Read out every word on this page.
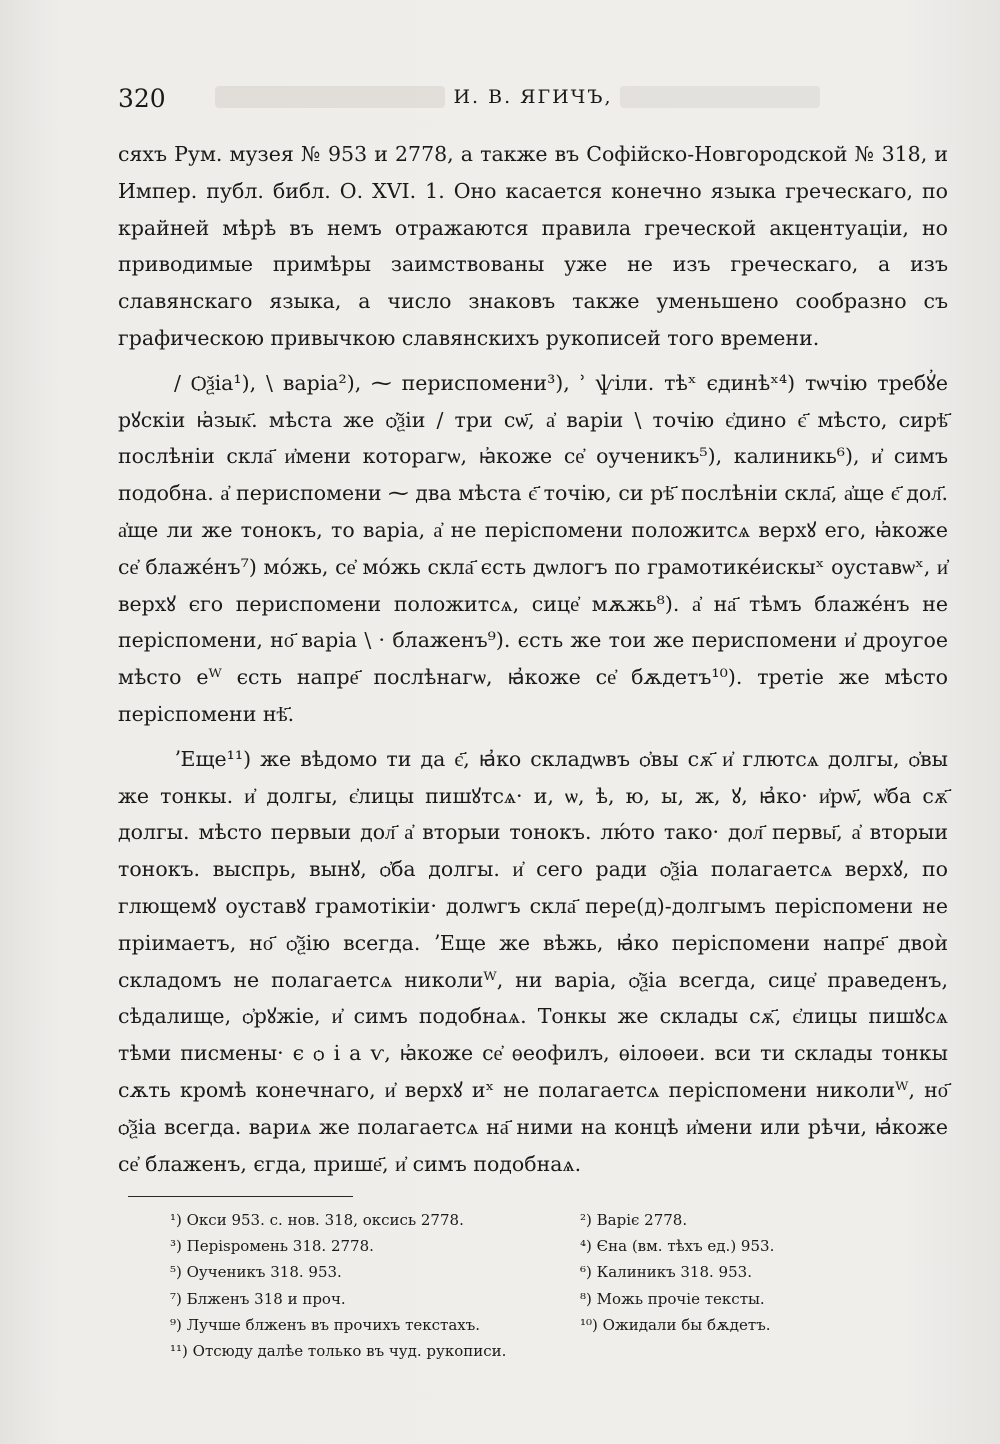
320	И. В. ЯГИЧЪ,

сяхъ Рум. музея № 953 и 2778, а также въ Софійско-Новгородской № 318, и Импер. публ. библ. О. XVI. 1. Оно касается конечно языка греческаго, по крайней мѣрѣ въ немъ отражаются правила греческой акцентуаціи, но приводимые примѣры заимствованы уже не изъ греческаго, а изъ славянскаго языка, а число знаковъ также уменьшено сообразно съ графическою привычкою славянскихъ рукописей того времени.

/ Ѻѯіа¹), \ варіа²), ⁓ периспомени³), ʾ ѱіли. тѣˣ єдинѣˣ⁴) тѡчію требꙋ҆е рꙋскіи ꙗ҆зык҃. мѣста же ѻ҆ѯіи / три сѡ҃, а҆ варіи \ точію є҆дино є҃ мѣсто, сирѣ҃ послѣніи скла҃ и҆мени которагѡ, ꙗ҆коже се҆ оученикъ⁵), калиникь⁶), и҆ симъ подобна. а҆ периспомени ⁓ два мѣста є҃ точію, си рѣ҃ послѣніи скла҃, а҆ще є҃ дол҃. а҆ще ли же тонокъ, то варіа, а҆ не періспомени положитсѧ верхꙋ его, ꙗ҆коже се҆ блаже́нъ⁷) мо́жь, се҆ мо́жь скла҃ єсть дѡлогъ по грамотике́искыˣ оуставѡˣ, и҆ верхꙋ єго периспомени положитсѧ, сице҆ мѫжь⁸). а҆ на҃ тѣмъ блаже́нъ не періспомени, но҃ варіа \ · блаженъ⁹). єсть же тои же периспомени и҆ дроугое мѣсто еᵂ єсть напре҃ послѣнагѡ, ꙗ҆коже се҆ бѫдетъ¹⁰). третіе же мѣсто періспомени нѣ҃.

ʼЕще¹¹) же вѣдомо ти да є҃, ꙗ҆ко складѡвъ ѻ҆вы сѫ҃ и҆ глютсѧ долгы, ѻ҆вы же тонкы. и҆ долгы, є҆лицы пишꙋтсѧ· и, ѡ, ѣ, ю, ы, ж, ꙋ, ꙗ҆ко· и҆рѡ҃, ѡ҆ба сѫ҃ долгы. мѣсто первыи дол҃ а҆ вторыи тонокъ. лю́то тако· дол҃ первы҃, а҆ вторыи тонокъ. выспрь, вынꙋ, ѻ҆ба долгы. и҆ сего ради ѻ҆ѯіа полагаетсѧ верхꙋ, по глющемꙋ оуставꙋ грамотікіи· долѡгъ скла҃ пере(д)-долгымъ періспомени не пріимаетъ, но҃ ѻ҆ѯію всегда. ʼЕще же вѣжь, ꙗ҆ко періспомени напре҃ двоѝ складомъ не полагаетсѧ николиᵂ, ни варіа, ѻ҆ѯіа всегда, сице҆ праведенъ, сѣдалище, ѻ҆рꙋжіе, и҆ симъ подобнаѧ. Тонкы же склады сѫ҃, є҆лицы пишꙋсѧ тѣми писмены· є ѻ і а ѵ, ꙗ҆коже се҆ ѳеофилъ, ѳілоѳеи. вси ти склады тонкы сѫть кромѣ конечнаго, и҆ верхꙋ иˣ не полагаетсѧ періспомени николиᵂ, но҃ ѻ҆ѯіа всегда. вариѧ же полагаетсѧ на҃ ними на концѣ и҆мени или рѣчи, ꙗ҆коже се҆ блаженъ, єгда, прише҃, и҆ симъ подобнаѧ.

¹) Окси 953. с. нов. 318, оксись 2778.	²) Варіє 2778.
³) Перispомень 318. 2778.	⁴) Єна (вм. тѣхъ ед.) 953.
⁵) Оученикъ 318. 953.	⁶) Калиникъ 318. 953.
⁷) Блженъ 318 и проч.	⁸) Можь прочіе тексты.
⁹) Лучше блженъ въ прочихъ текстахъ.	¹⁰) Ожидали бы бѫдетъ.
¹¹) Отсюду далѣе только въ чуд. рукописи.
